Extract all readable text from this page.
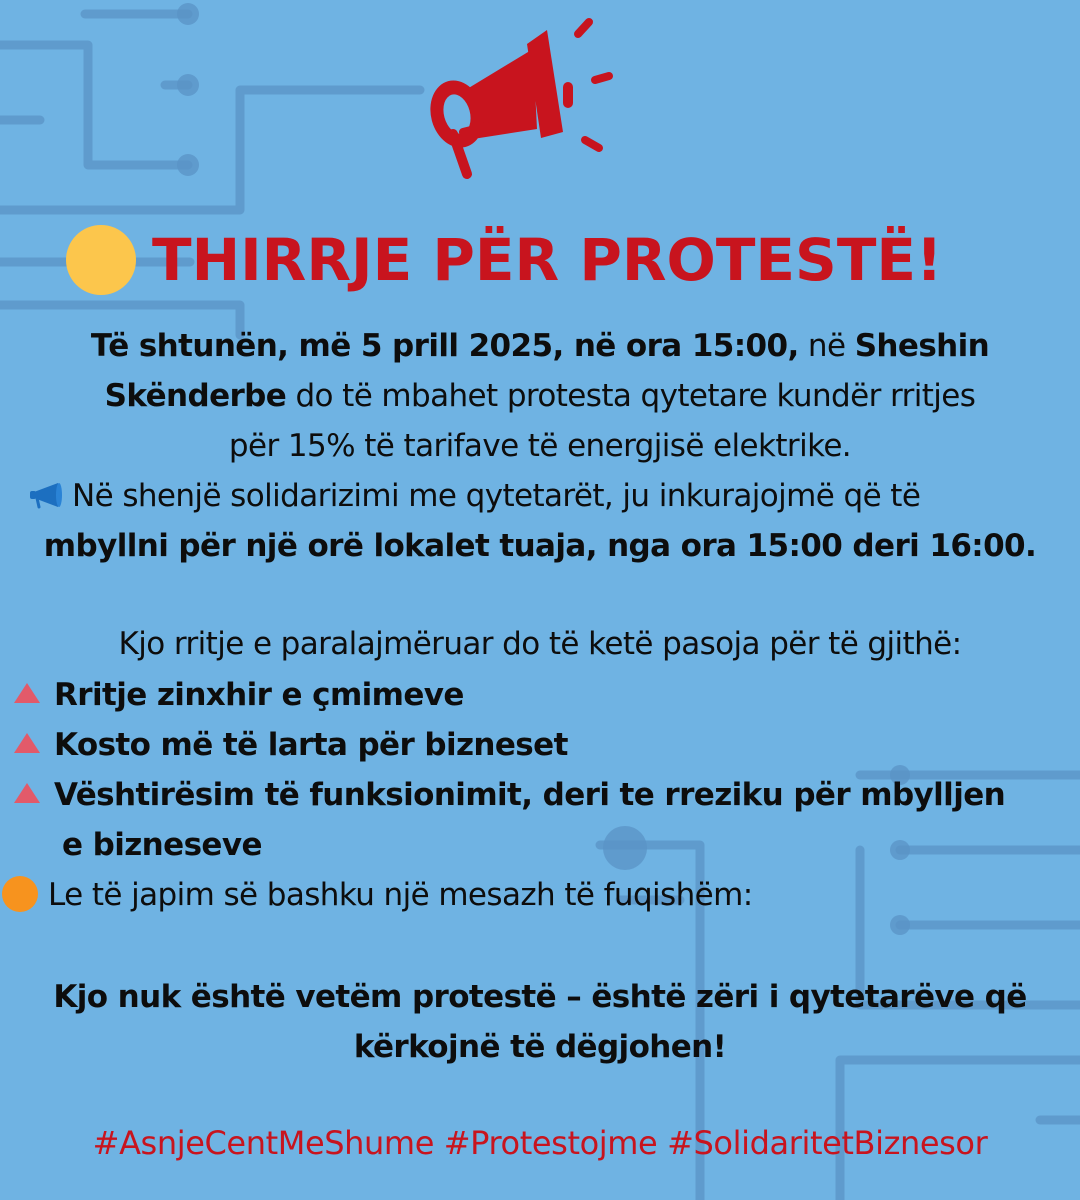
THIRRJE PËR PROTESTË!
Të shtunën, më 5 prill 2025, në ora 15:00, në Sheshin
Skënderbe do të mbahet protesta qytetare kundër rritjes
për 15% të tarifave të energjisë elektrike.
Në shenjë solidarizimi me qytetarët, ju inkurajojmë që të
mbyllni për një orë lokalet tuaja, nga ora 15:00 deri 16:00.
Kjo rritje e paralajmëruar do të ketë pasoja për të gjithë:
Rritje zinxhir e çmimeve
Kosto më të larta për bizneset
Vështirësim të funksionimit, deri te rreziku për mbylljen
e bizneseve
Le të japim së bashku një mesazh të fuqishëm:
Kjo nuk është vetëm protestë – është zëri i qytetarëve që
kërkojnë të dëgjohen!
#AsnjeCentMeShume #Protestojme #SolidaritetBiznesor
